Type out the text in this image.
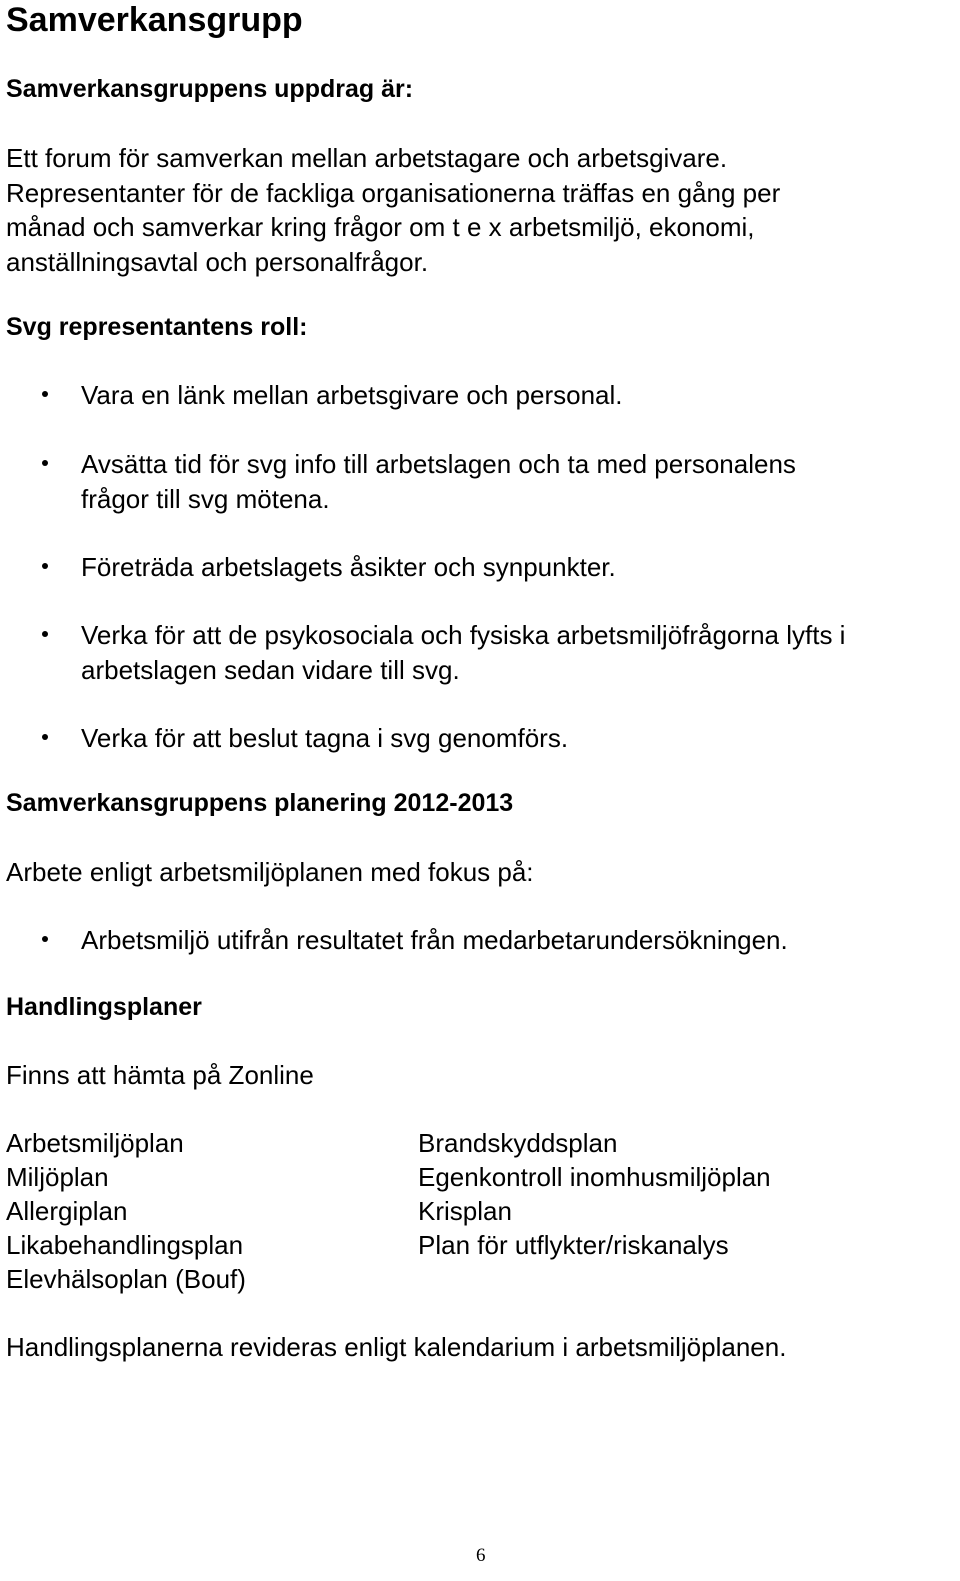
Samverkansgrupp
Samverkansgruppens uppdrag är:
Ett forum för samverkan mellan arbetstagare och arbetsgivare.
Representanter för de fackliga organisationerna träffas en gång per
månad och samverkar kring frågor om t e x arbetsmiljö, ekonomi,
anställningsavtal och personalfrågor.
Svg representantens roll:
Vara en länk mellan arbetsgivare och personal.
Avsätta tid för svg info till arbetslagen och ta med personalens
frågor till svg mötena.
Företräda arbetslagets åsikter och synpunkter.
Verka för att de psykosociala och fysiska arbetsmiljöfrågorna lyfts i
arbetslagen sedan vidare till svg.
Verka för att beslut tagna i svg genomförs.
Samverkansgruppens planering 2012-2013
Arbete enligt arbetsmiljöplanen med fokus på:
Arbetsmiljö utifrån resultatet från medarbetarundersökningen.
Handlingsplaner
Finns att hämta på Zonline
Arbetsmiljöplan
Miljöplan
Allergiplan
Likabehandlingsplan
Elevhälsoplan (Bouf)
Brandskyddsplan
Egenkontroll inomhusmiljöplan
Krisplan
Plan för utflykter/riskanalys
Handlingsplanerna revideras enligt kalendarium i arbetsmiljöplanen.
6
